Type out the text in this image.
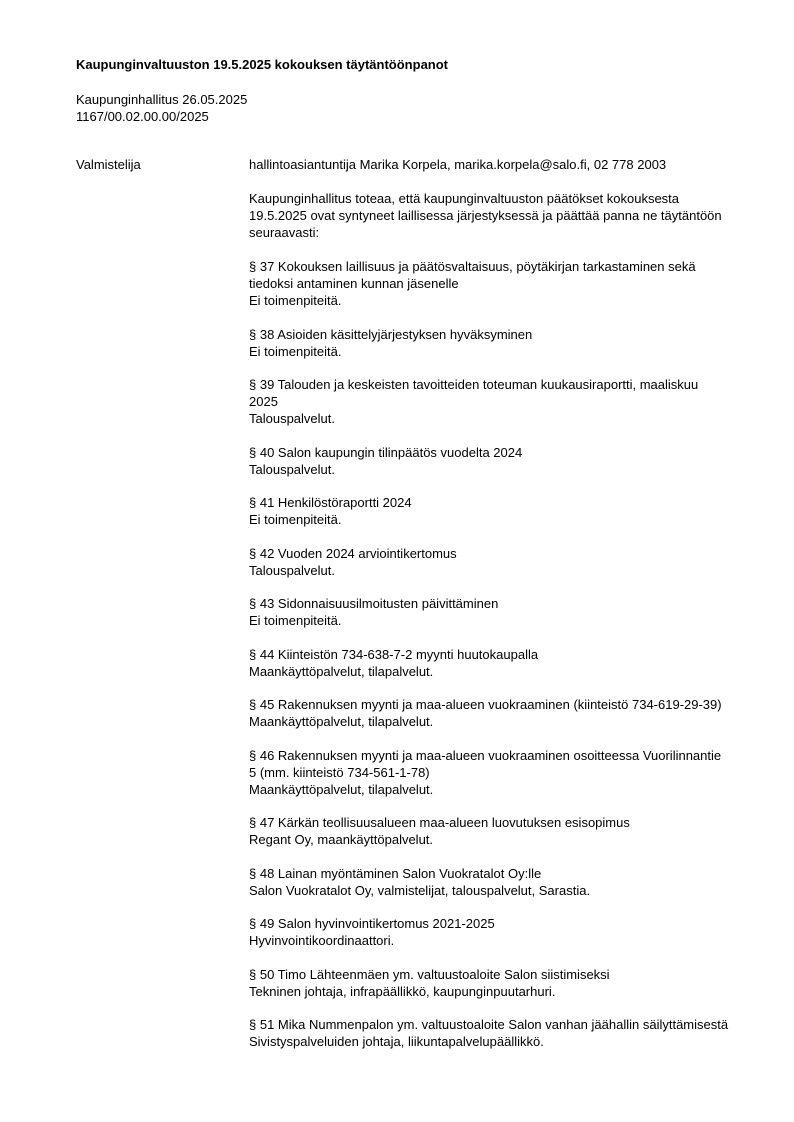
Kaupunginvaltuuston 19.5.2025 kokouksen täytäntöönpanot
Kaupunginhallitus 26.05.2025
1167/00.02.00.00/2025
Valmistelija	hallintoasiantuntija Marika Korpela, marika.korpela@salo.fi, 02 778 2003
Kaupunginhallitus toteaa, että kaupunginvaltuuston päätökset kokouksesta 19.5.2025 ovat syntyneet laillisessa järjestyksessä ja päättää panna ne täytäntöön seuraavasti:
§ 37 Kokouksen laillisuus ja päätösvaltaisuus, pöytäkirjan tarkastaminen sekä tiedoksi antaminen kunnan jäsenelle
Ei toimenpiteitä.
§ 38 Asioiden käsittelyjärjestyksen hyväksyminen
Ei toimenpiteitä.
§ 39 Talouden ja keskeisten tavoitteiden toteuman kuukausiraportti, maaliskuu 2025
Talouspalvelut.
§ 40 Salon kaupungin tilinpäätös vuodelta 2024
Talouspalvelut.
§ 41 Henkilöstöraportti 2024
Ei toimenpiteitä.
§ 42 Vuoden 2024 arviointikertomus
Talouspalvelut.
§ 43 Sidonnaisuusilmoitusten päivittäminen
Ei toimenpiteitä.
§ 44 Kiinteistön 734-638-7-2 myynti huutokaupalla
Maankäyttöpalvelut, tilapalvelut.
§ 45 Rakennuksen myynti ja maa-alueen vuokraaminen (kiinteistö 734-619-29-39)
Maankäyttöpalvelut, tilapalvelut.
§ 46 Rakennuksen myynti ja maa-alueen vuokraaminen osoitteessa Vuorilinnantie 5 (mm. kiinteistö 734-561-1-78)
Maankäyttöpalvelut, tilapalvelut.
§ 47 Kärkän teollisuusalueen maa-alueen luovutuksen esisopimus
Regant Oy, maankäyttöpalvelut.
§ 48 Lainan myöntäminen Salon Vuokratalot Oy:lle
Salon Vuokratalot Oy, valmistelijat, talouspalvelut, Sarastia.
§ 49 Salon hyvinvointikertomus 2021-2025
Hyvinvointikoordinaattori.
§ 50 Timo Lähteenmäen ym. valtuustoaloite Salon siistimiseksi
Tekninen johtaja, infrapäällikkö, kaupunginpuutarhuri.
§ 51 Mika Nummenpalon ym. valtuustoaloite Salon vanhan jäähallin säilyttämisestä
Sivistyspalveluiden johtaja, liikuntapalvelupäällikkö.
